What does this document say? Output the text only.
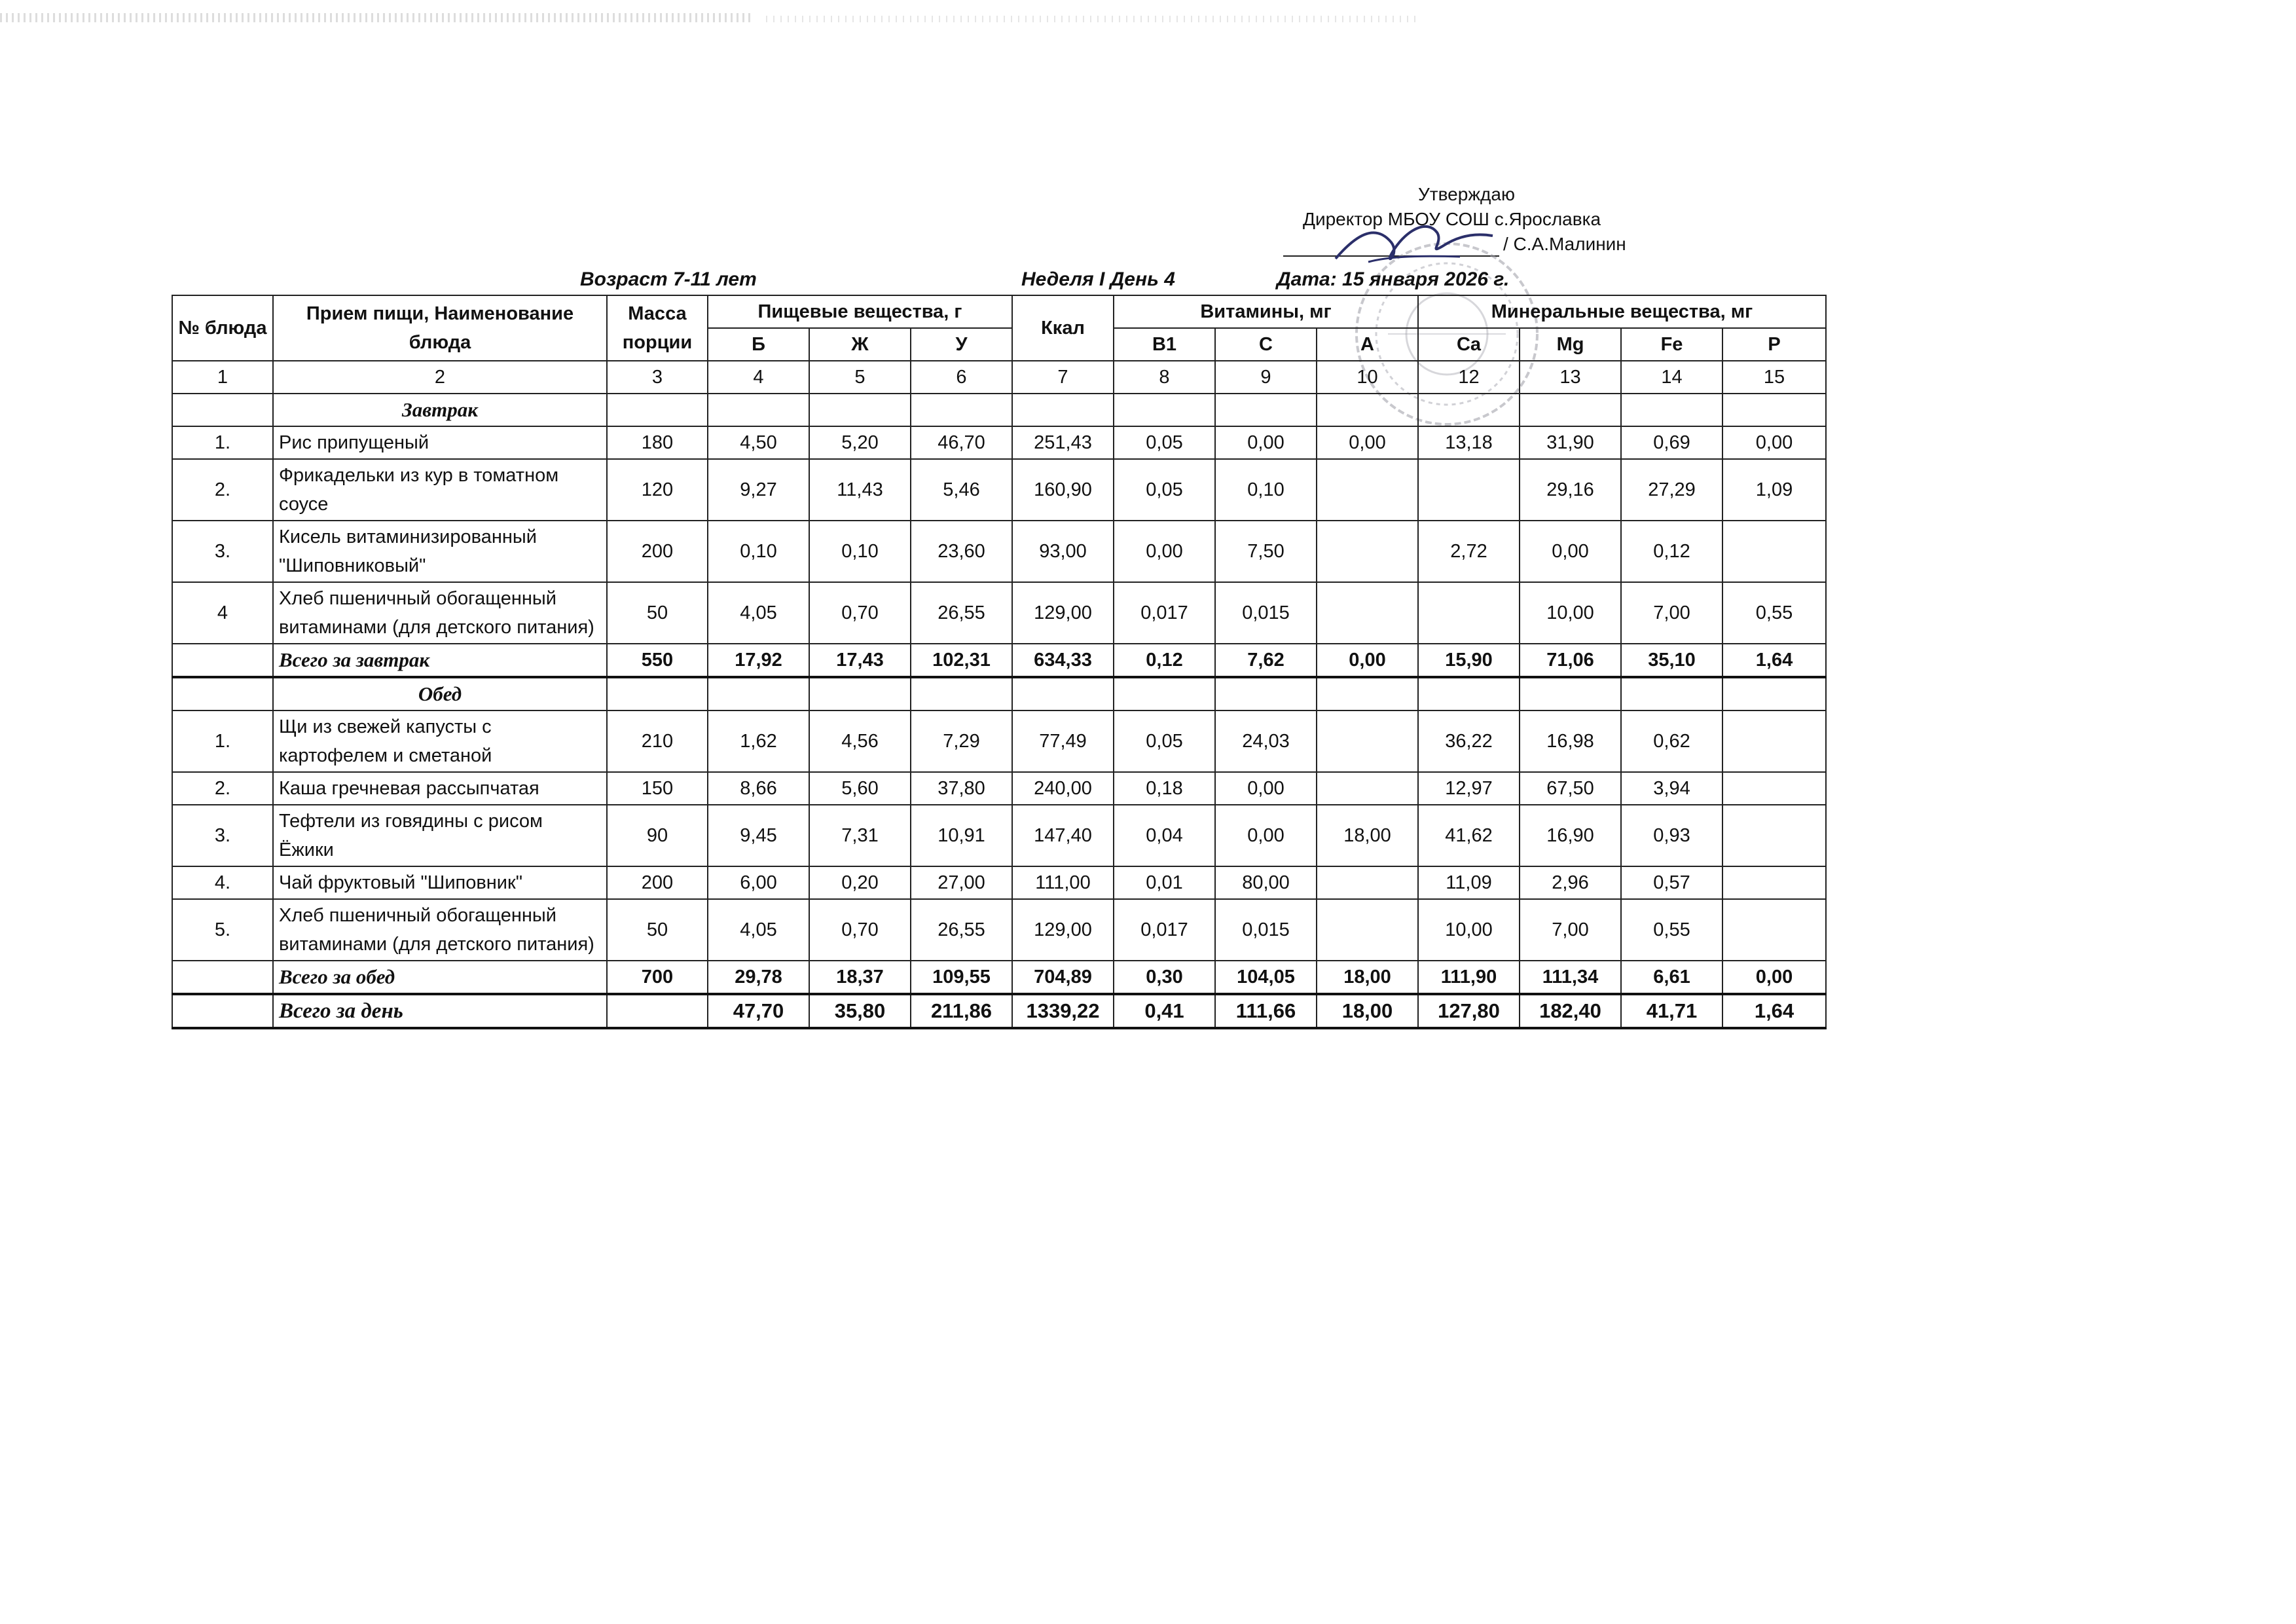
Утверждаю
Директор МБОУ СОШ с.Ярославка
/ С.А.Малинин
Возраст 7-11 лет	Неделя I День 4	Дата: 15 января 2026 г.
№ блюда	Прием пищи, Наименование блюда	Масса порции	Пищевые вещества, г			Ккал	Витамины, мг			Минеральные вещества, мг			
			Б	Ж	У		B1	C	A	Ca	Mg	Fe	P
1	2	3	4	5	6	7	8	9	10	12	13	14	15
	Завтрак												
1.	Рис припущеный	180	4,50	5,20	46,70	251,43	0,05	0,00	0,00	13,18	31,90	0,69	0,00
2.	Фрикадельки из кур в томатном соусе	120	9,27	11,43	5,46	160,90	0,05	0,10			29,16	27,29	1,09
3.	Кисель витаминизированный "Шиповниковый"	200	0,10	0,10	23,60	93,00	0,00	7,50		2,72	0,00	0,12	
4	Хлеб пшеничный обогащенный витаминами (для детского питания)	50	4,05	0,70	26,55	129,00	0,017	0,015			10,00	7,00	0,55
	Всего за завтрак	550	17,92	17,43	102,31	634,33	0,12	7,62	0,00	15,90	71,06	35,10	1,64
	Обед												
1.	Щи из свежей капусты с картофелем и сметаной	210	1,62	4,56	7,29	77,49	0,05	24,03		36,22	16,98	0,62	
2.	Каша гречневая рассыпчатая	150	8,66	5,60	37,80	240,00	0,18	0,00		12,97	67,50	3,94	
3.	Тефтели из говядины с рисом Ёжики	90	9,45	7,31	10,91	147,40	0,04	0,00	18,00	41,62	16,90	0,93	
4.	Чай фруктовый "Шиповник"	200	6,00	0,20	27,00	111,00	0,01	80,00		11,09	2,96	0,57	
5.	Хлеб пшеничный обогащенный витаминами (для детского питания)	50	4,05	0,70	26,55	129,00	0,017	0,015		10,00	7,00	0,55	
	Всего за обед	700	29,78	18,37	109,55	704,89	0,30	104,05	18,00	111,90	111,34	6,61	0,00
	Всего за день		47,70	35,80	211,86	1339,22	0,41	111,66	18,00	127,80	182,40	41,71	1,64
